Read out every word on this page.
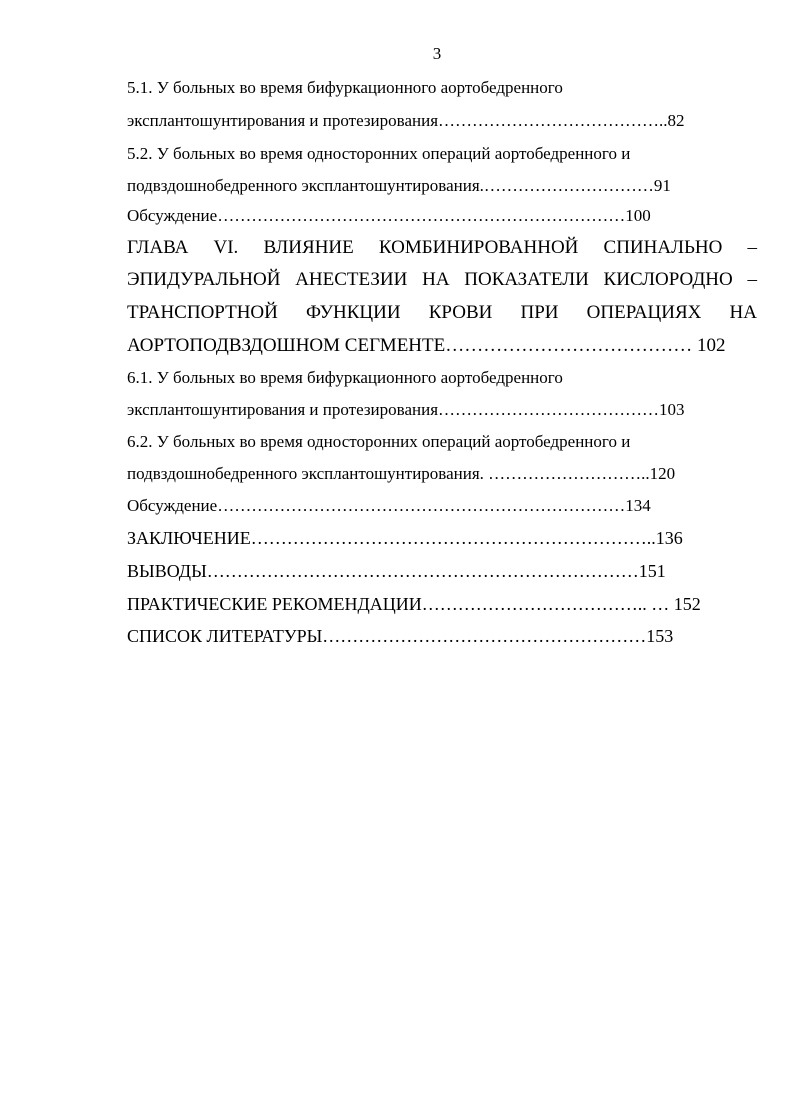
3
5.1. У больных во время бифуркационного аортобедренного
эксплантошунтирования и протезирования…………………………………..82
5.2. У больных во время односторонних операций аортобедренного и
подвздошнобедренного эксплантошунтирования.…………………………91
Обсуждение………………………………………………………………100
ГЛАВА VI. ВЛИЯНИЕ КОМБИНИРОВАННОЙ СПИНАЛЬНО –
ЭПИДУРАЛЬНОЙ АНЕСТЕЗИИ НА ПОКАЗАТЕЛИ КИСЛОРОДНО –
ТРАНСПОРТНОЙ ФУНКЦИИ КРОВИ ПРИ ОПЕРАЦИЯХ НА
АОРТОПОДВЗДОШНОМ СЕГМЕНТЕ………………………………… 102
6.1. У больных во время бифуркационного аортобедренного
эксплантошунтирования и протезирования…………………………………103
6.2. У больных во время односторонних операций аортобедренного и
подвздошнобедренного эксплантошунтирования. ………………………..120
Обсуждение………………………………………………………………134
ЗАКЛЮЧЕНИЕ…………………………………………………………..136
ВЫВОДЫ………………………………………………………………151
ПРАКТИЧЕСКИЕ РЕКОМЕНДАЦИИ……………………………….. … 152
СПИСОК ЛИТЕРАТУРЫ………………………………………………153
